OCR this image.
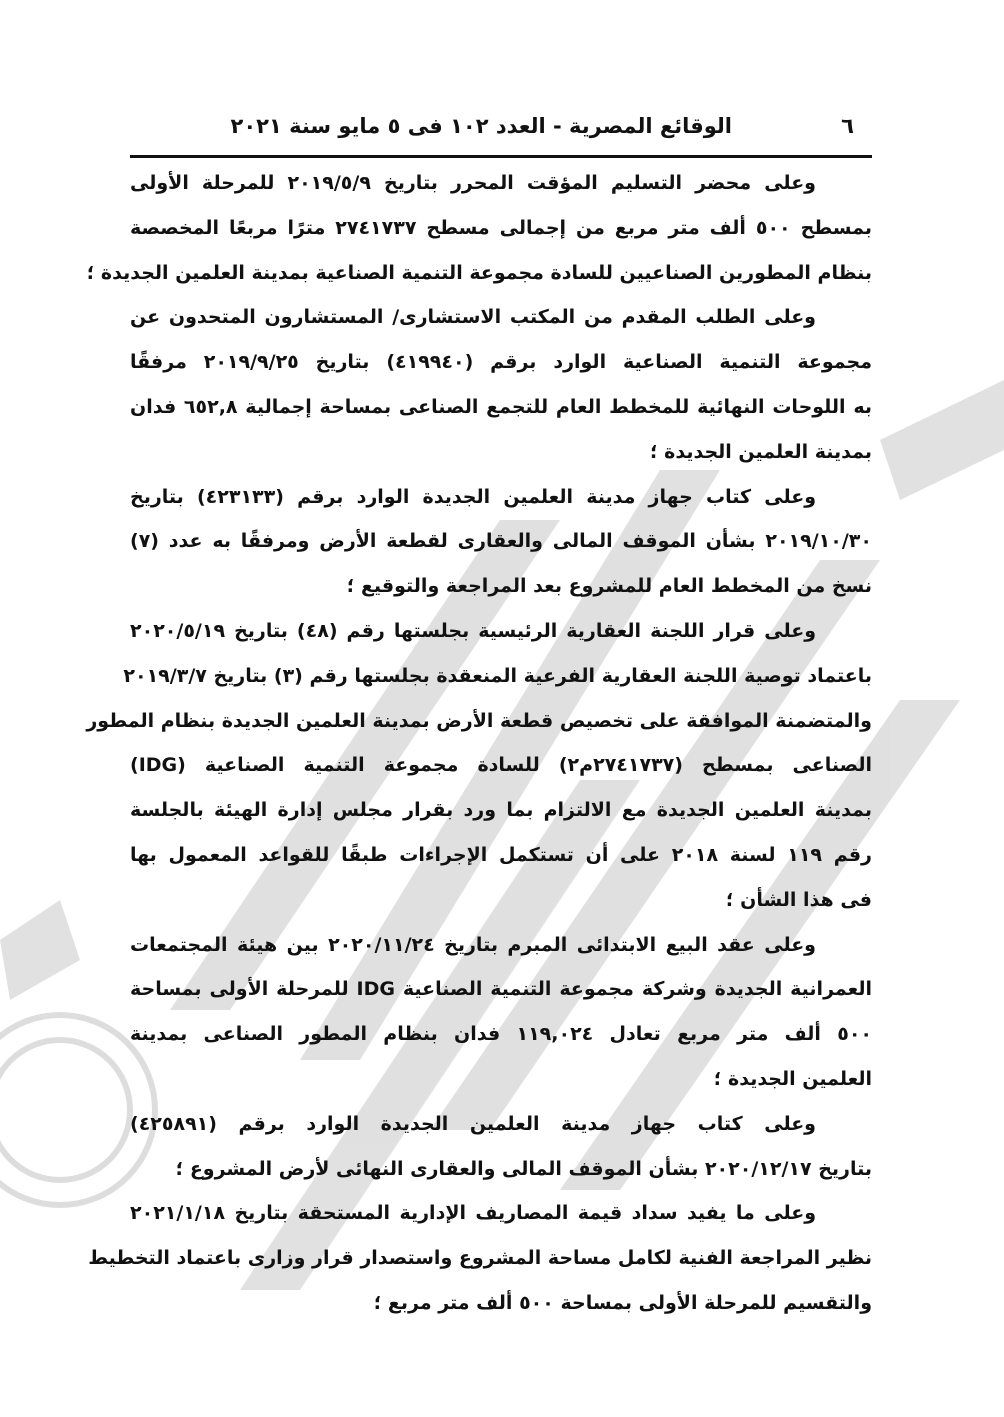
٦
الوقائع المصرية - العدد ١٠٢ فى ٥ مايو سنة ٢٠٢١
وعلى محضر التسليم المؤقت المحرر بتاريخ ٢٠١٩/٥/٩ للمرحلة الأولى
بمسطح ٥٠٠ ألف متر مربع من إجمالى مسطح ٢٧٤١٧٣٧ مترًا مربعًا المخصصة
بنظام المطورين الصناعيين للسادة مجموعة التنمية الصناعية بمدينة العلمين الجديدة ؛
وعلى الطلب المقدم من المكتب الاستشارى/ المستشارون المتحدون عن
مجموعة التنمية الصناعية الوارد برقم (٤١٩٩٤٠) بتاريخ ٢٠١٩/٩/٢٥ مرفقًا
به اللوحات النهائية للمخطط العام للتجمع الصناعى بمساحة إجمالية ٦٥٢,٨ فدان
بمدينة العلمين الجديدة ؛
وعلى كتاب جهاز مدينة العلمين الجديدة الوارد برقم (٤٢٣١٣٣) بتاريخ
٢٠١٩/١٠/٣٠ بشأن الموقف المالى والعقارى لقطعة الأرض ومرفقًا به عدد (٧)
نسخ من المخطط العام للمشروع بعد المراجعة والتوقيع ؛
وعلى قرار اللجنة العقارية الرئيسية بجلستها رقم (٤٨) بتاريخ ٢٠٢٠/٥/١٩
باعتماد توصية اللجنة العقارية الفرعية المنعقدة بجلستها رقم (٣) بتاريخ ٢٠١٩/٣/٧
والمتضمنة الموافقة على تخصيص قطعة الأرض بمدينة العلمين الجديدة بنظام المطور
الصناعى بمسطح (٢٧٤١٧٣٧م٢) للسادة مجموعة التنمية الصناعية (IDG)
بمدينة العلمين الجديدة مع الالتزام بما ورد بقرار مجلس إدارة الهيئة بالجلسة
رقم ١١٩ لسنة ٢٠١٨ على أن تستكمل الإجراءات طبقًا للقواعد المعمول بها
فى هذا الشأن ؛
وعلى عقد البيع الابتدائى المبرم بتاريخ ٢٠٢٠/١١/٢٤ بين هيئة المجتمعات
العمرانية الجديدة وشركة مجموعة التنمية الصناعية IDG للمرحلة الأولى بمساحة
٥٠٠ ألف متر مربع تعادل ١١٩,٠٢٤ فدان بنظام المطور الصناعى بمدينة
العلمين الجديدة ؛
وعلى كتاب جهاز مدينة العلمين الجديدة الوارد برقم (٤٢٥٨٩١)
بتاريخ ٢٠٢٠/١٢/١٧ بشأن الموقف المالى والعقارى النهائى لأرض المشروع ؛
وعلى ما يفيد سداد قيمة المصاريف الإدارية المستحقة بتاريخ ٢٠٢١/١/١٨
نظير المراجعة الفنية لكامل مساحة المشروع واستصدار قرار وزارى باعتماد التخطيط
والتقسيم للمرحلة الأولى بمساحة ٥٠٠ ألف متر مربع ؛
